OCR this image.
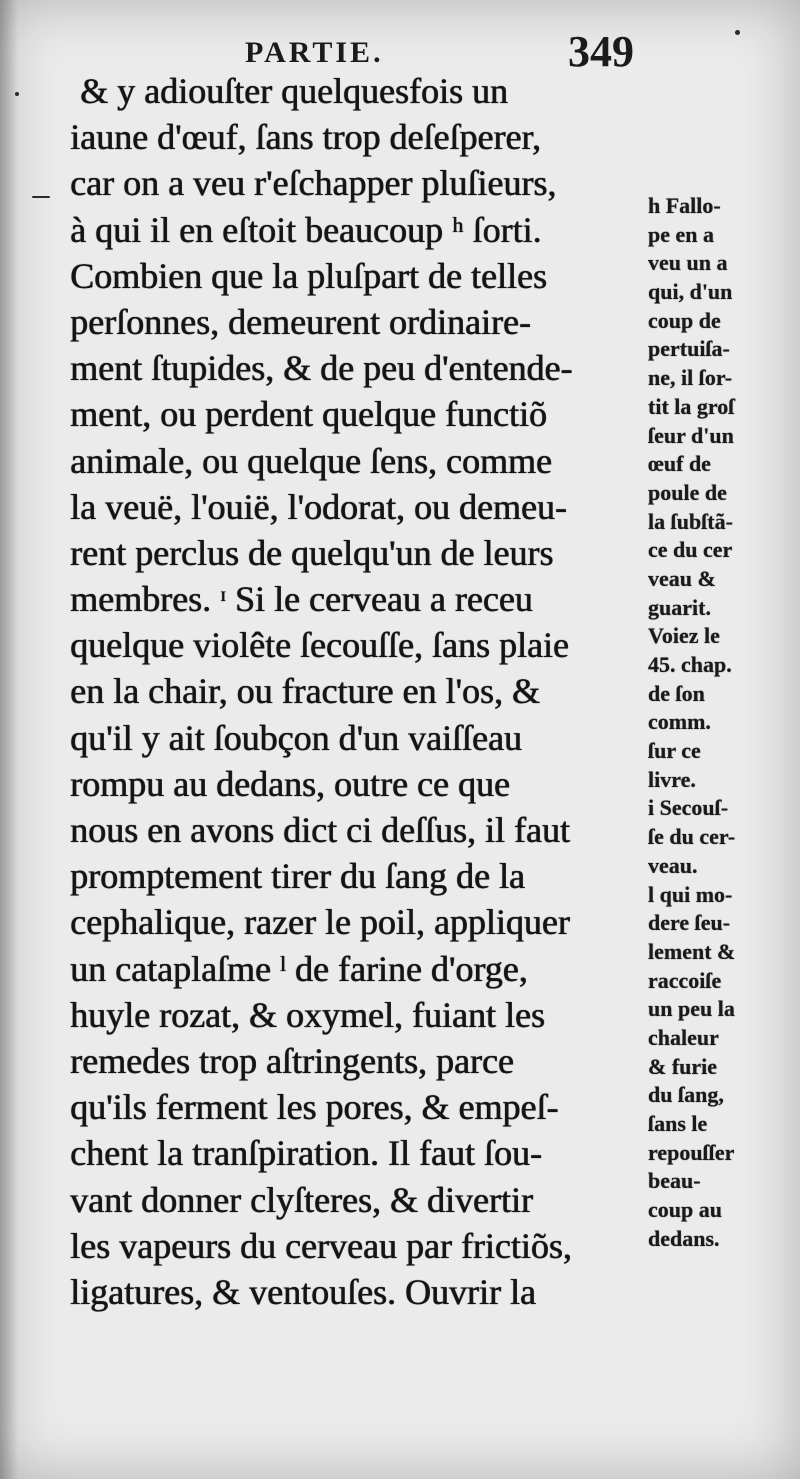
PARTIE.	349
& y adiouſter quelquesfois un
iaune d'œuf, ſans trop deſeſperer,
car on a veu r'eſchapper pluſieurs,
à qui il en eſtoit beaucoup ʰ ſorti.
Combien que la pluſpart de telles
perſonnes, demeurent ordinaire-
ment ſtupides, & de peu d'entende-
ment, ou perdent quelque functiõ
animale, ou quelque ſens, comme
la veuë, l'ouië, l'odorat, ou demeu-
rent perclus de quelqu'un de leurs
membres. ᶦ Si le cerveau a receu
quelque violête ſecouſſe, ſans plaie
en la chair, ou fracture en l'os, &
qu'il y ait ſoubçon d'un vaiſſeau
rompu au dedans, outre ce que
nous en avons dict ci deſſus, il faut
promptement tirer du ſang de la
cephalique, razer le poil, appliquer
un cataplaſme ˡ de farine d'orge,
huyle rozat, & oxymel, fuiant les
remedes trop aſtringents, parce
qu'ils ferment les pores, & empeſ-
chent la tranſpiration. Il faut ſou-
vant donner clyſteres, & divertir
les vapeurs du cerveau par frictiõs,
ligatures, & ventouſes. Ouvrir la
h Fallo-
pe en a
veu un a
qui, d'un
coup de
pertuiſa-
ne, il ſor-
tit la groſ
ſeur d'un
œuf de
poule de
la ſubſtã-
ce du cer
veau &
guarit.
Voiez le
45. chap.
de ſon
comm.
ſur ce
livre.
i Secouſ-
ſe du cer-
veau.
l qui mo-
dere ſeu-
lement &
raccoiſe
un peu la
chaleur
& furie
du ſang,
ſans le
repouſſer
beau-
coup au
dedans.
